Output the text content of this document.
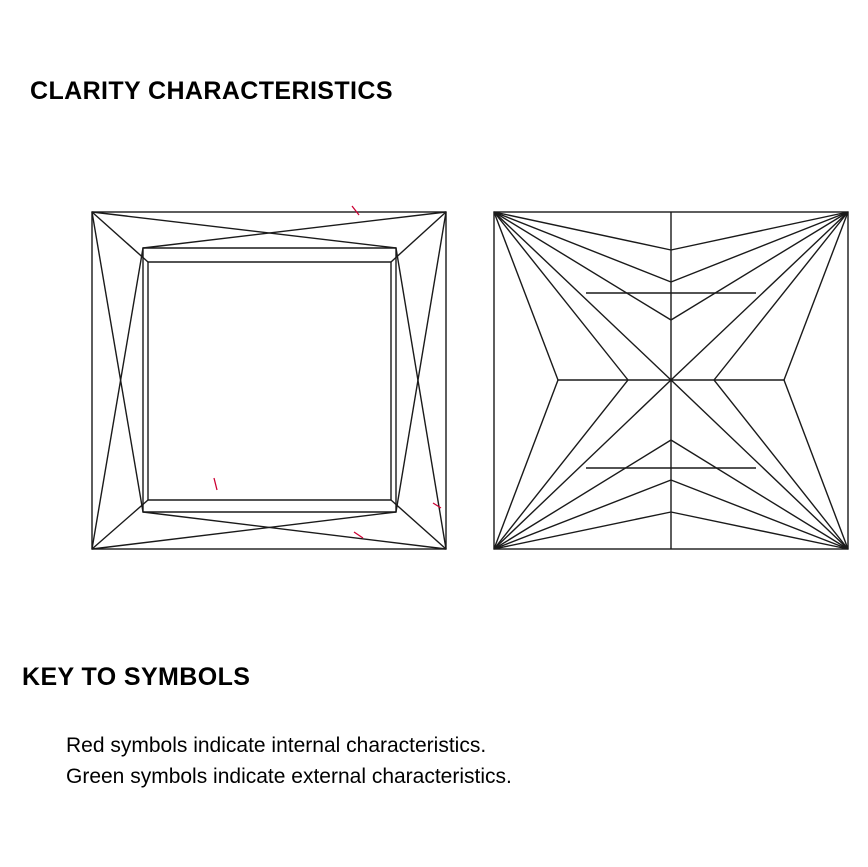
CLARITY CHARACTERISTICS
KEY TO SYMBOLS
Red symbols indicate internal characteristics.
Green symbols indicate external characteristics.
